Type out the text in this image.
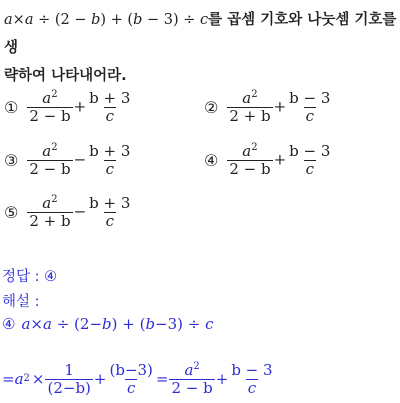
a×a ÷ (2 − b) + (b − 3) ÷ c를 곱셈 기호와 나눗셈 기호를 생
략하여 나타내어라.
① $\frac{a^2}{2 - b} + \frac{b + 3}{c}$	② $\frac{a^2}{2 + b} + \frac{b - 3}{c}$
③ $\frac{a^2}{2 - b} - \frac{b + 3}{c}$	④ $\frac{a^2}{2 - b} + \frac{b - 3}{c}$
⑤ $\frac{a^2}{2 + b} - \frac{b + 3}{c}$
정답 : ④
해설 :
④ a×a ÷ (2−b) + (b−3) ÷ c
= a $2 \times \frac{1}{(2-b)} + \frac{(b-3)}{c} = \frac{a^2}{2 - b} + \frac{b - 3}{c}$
